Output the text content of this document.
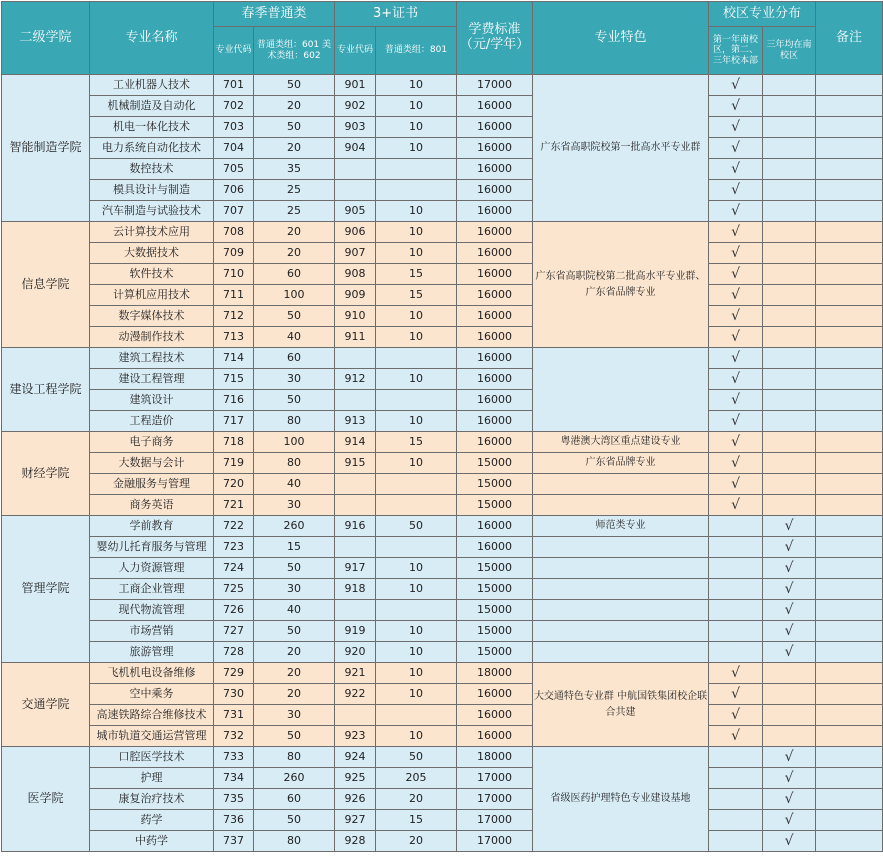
二级学院	专业名称	春季普通类		3+证书		学费标准（元/学年）	专业特色	校区专业分布		备注
		专业代码	普通类组：601 美术类组：602	专业代码	普通类组：801			第一年南校区，第二、三年校本部	三年均在南校区	
智能制造学院	工业机器人技术	701	50	901	10	17000	广东省高职院校第一批高水平专业群	√		
	机械制造及自动化	702	20	902	10	16000		√		
	机电一体化技术	703	50	903	10	16000		√		
	电力系统自动化技术	704	20	904	10	16000		√		
	数控技术	705	35			16000		√		
	模具设计与制造	706	25			16000		√		
	汽车制造与试验技术	707	25	905	10	16000		√		
信息学院	云计算技术应用	708	20	906	10	16000	广东省高职院校第二批高水平专业群、广东省品牌专业	√		
	大数据技术	709	20	907	10	16000		√		
	软件技术	710	60	908	15	16000		√		
	计算机应用技术	711	100	909	15	16000		√		
	数字媒体技术	712	50	910	10	16000		√		
	动漫制作技术	713	40	911	10	16000		√		
建设工程学院	建筑工程技术	714	60			16000		√		
	建设工程管理	715	30	912	10	16000		√		
	建筑设计	716	50			16000		√		
	工程造价	717	80	913	10	16000		√		
财经学院	电子商务	718	100	914	15	16000	粤港澳大湾区重点建设专业	√		
	大数据与会计	719	80	915	10	15000	广东省品牌专业	√		
	金融服务与管理	720	40			15000		√		
	商务英语	721	30			15000		√		
管理学院	学前教育	722	260	916	50	16000	师范类专业		√	
	婴幼儿托育服务与管理	723	15			16000			√	
	人力资源管理	724	50	917	10	15000			√	
	工商企业管理	725	30	918	10	15000			√	
	现代物流管理	726	40			15000			√	
	市场营销	727	50	919	10	15000			√	
	旅游管理	728	20	920	10	15000			√	
交通学院	飞机机电设备维修	729	20	921	10	18000	大交通特色专业群 中航国铁集团校企联合共建	√		
	空中乘务	730	20	922	10	16000		√		
	高速铁路综合维修技术	731	30			16000		√		
	城市轨道交通运营管理	732	50	923	10	16000		√		
医学院	口腔医学技术	733	80	924	50	18000	省级医药护理特色专业建设基地		√	
	护理	734	260	925	205	17000			√	
	康复治疗技术	735	60	926	20	17000			√	
	药学	736	50	927	15	17000			√	
	中药学	737	80	928	20	17000			√	
